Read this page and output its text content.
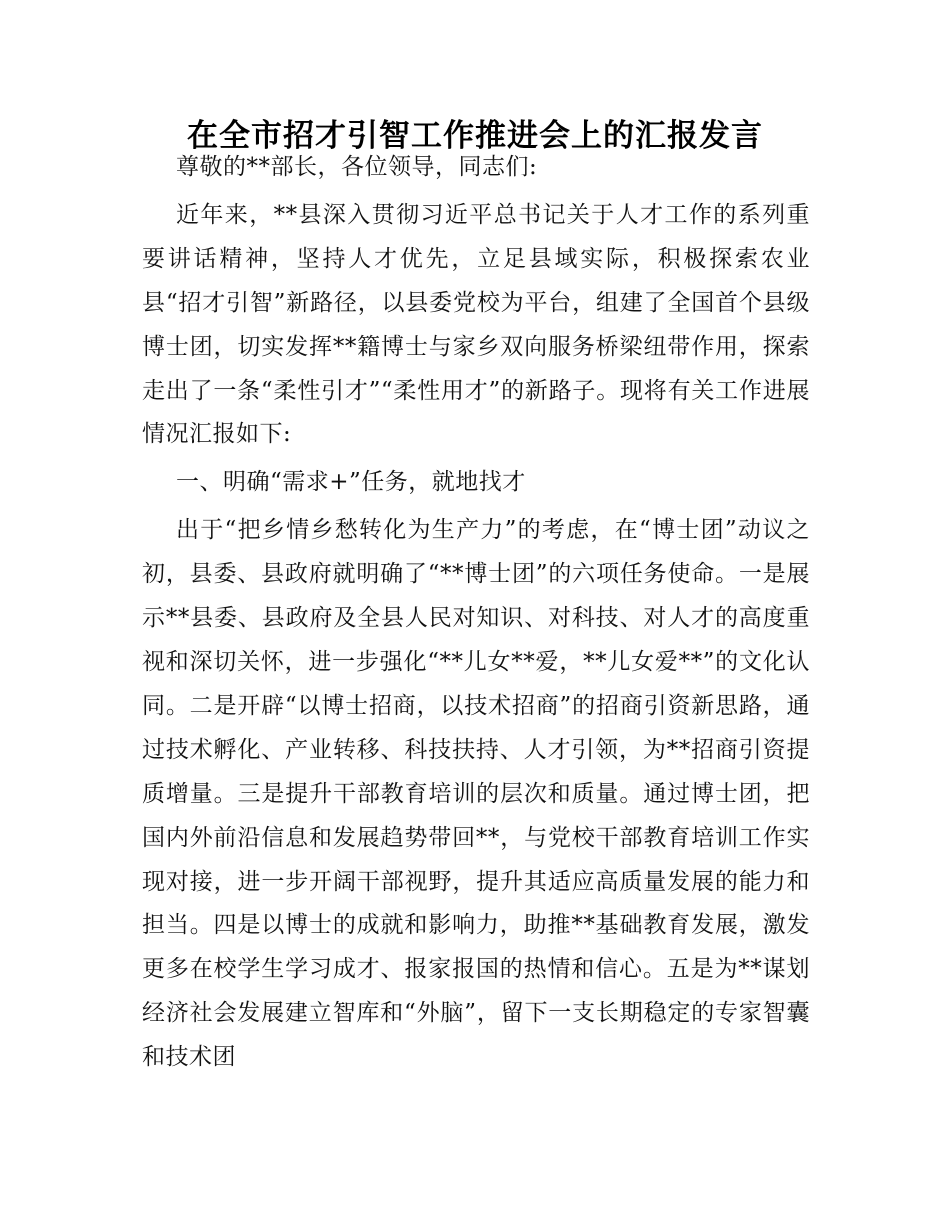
在全市招才引智工作推进会上的汇报发言

尊敬的**部长，各位领导，同志们:

近年来，**县深入贯彻习近平总书记关于人才工作的系列重要讲话精神，坚持人才优先，立足县域实际，积极探索农业县“招才引智”新路径，以县委党校为平台，组建了全国首个县级博士团，切实发挥**籍博士与家乡双向服务桥梁纽带作用，探索走出了一条“柔性引才”“柔性用才”的新路子。现将有关工作进展情况汇报如下:

一、明确“需求+”任务，就地找才

出于“把乡情乡愁转化为生产力”的考虑，在“博士团”动议之初，县委、县政府就明确了“**博士团”的六项任务使命。一是展示**县委、县政府及全县人民对知识、对科技、对人才的高度重视和深切关怀，进一步强化“**儿女**爱，**儿女爱**”的文化认同。二是开辟“以博士招商，以技术招商”的招商引资新思路，通过技术孵化、产业转移、科技扶持、人才引领，为**招商引资提质增量。三是提升干部教育培训的层次和质量。通过博士团，把国内外前沿信息和发展趋势带回**，与党校干部教育培训工作实现对接，进一步开阔干部视野，提升其适应高质量发展的能力和担当。四是以博士的成就和影响力，助推**基础教育发展，激发更多在校学生学习成才、报家报国的热情和信心。五是为**谋划经济社会发展建立智库和“外脑”，留下一支长期稳定的专家智囊和技术团
